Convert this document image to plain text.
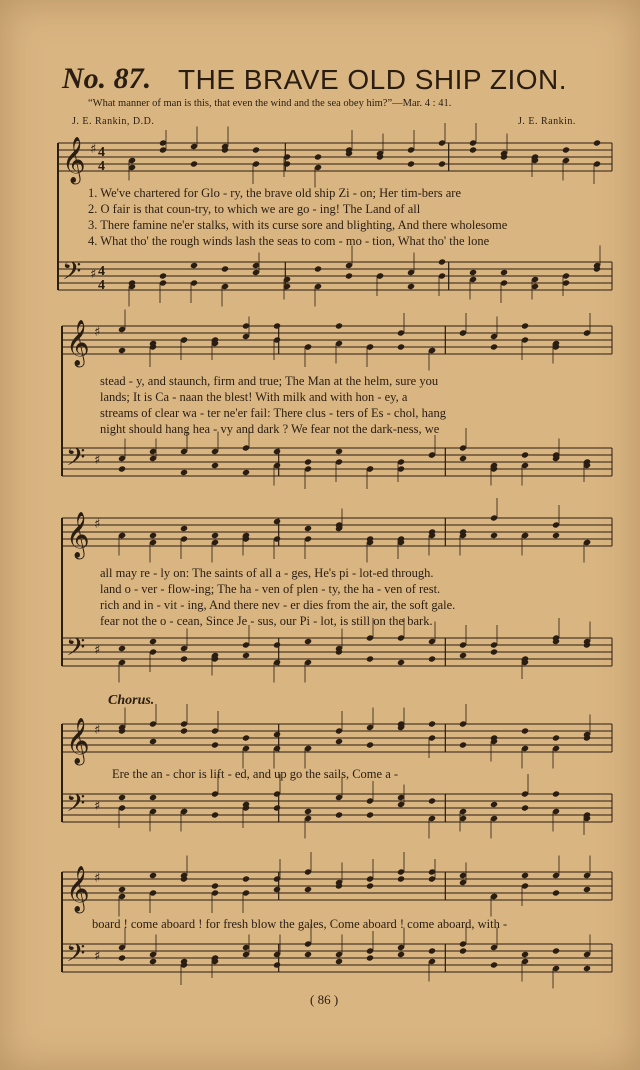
No. 87. THE BRAVE OLD SHIP ZION.
“What manner of man is this, that even the wind and the sea obey him?”—Mar. 4 : 41.
J. E. Rankin, D.D.	J. E. Rankin.
𝄞
𝄢
♯
♯
4
4
4
4
𝄞
𝄢
♯
♯
𝄞
𝄢
♯
♯
𝄞
𝄢
♯
♯
𝄞
𝄢
♯
♯
1. We've chartered for Glo - ry, the brave old ship Zi - on; Her tim-bers are
2. O fair is that coun-try, to which we are go - ing! The Land of all
3. There famine ne'er stalks, with its curse sore and blighting, And there wholesome
4. What tho' the rough winds lash the seas to com - mo - tion, What tho' the lone
stead - y, and staunch, firm and true; The Man at the helm, sure you
lands; It is Ca - naan the blest! With milk and with hon - ey, a
streams of clear wa - ter ne'er fail: There clus - ters of Es - chol, hang
night should hang hea - vy and dark ? We fear not the dark-ness, we
all may re - ly on: The saints of all a - ges, He's pi - lot-ed through.
land o - ver - flow-ing; The ha - ven of plen - ty, the ha - ven of rest.
rich and in - vit - ing, And there nev - er dies from the air, the soft gale.
fear not the o - cean, Since Je - sus, our Pi - lot, is still on the bark.
Chorus.
Ere the an - chor is lift - ed, and up go the sails, Come a -
board ! come aboard ! for fresh blow the gales, Come aboard ! come aboard, with -
( 86 )
